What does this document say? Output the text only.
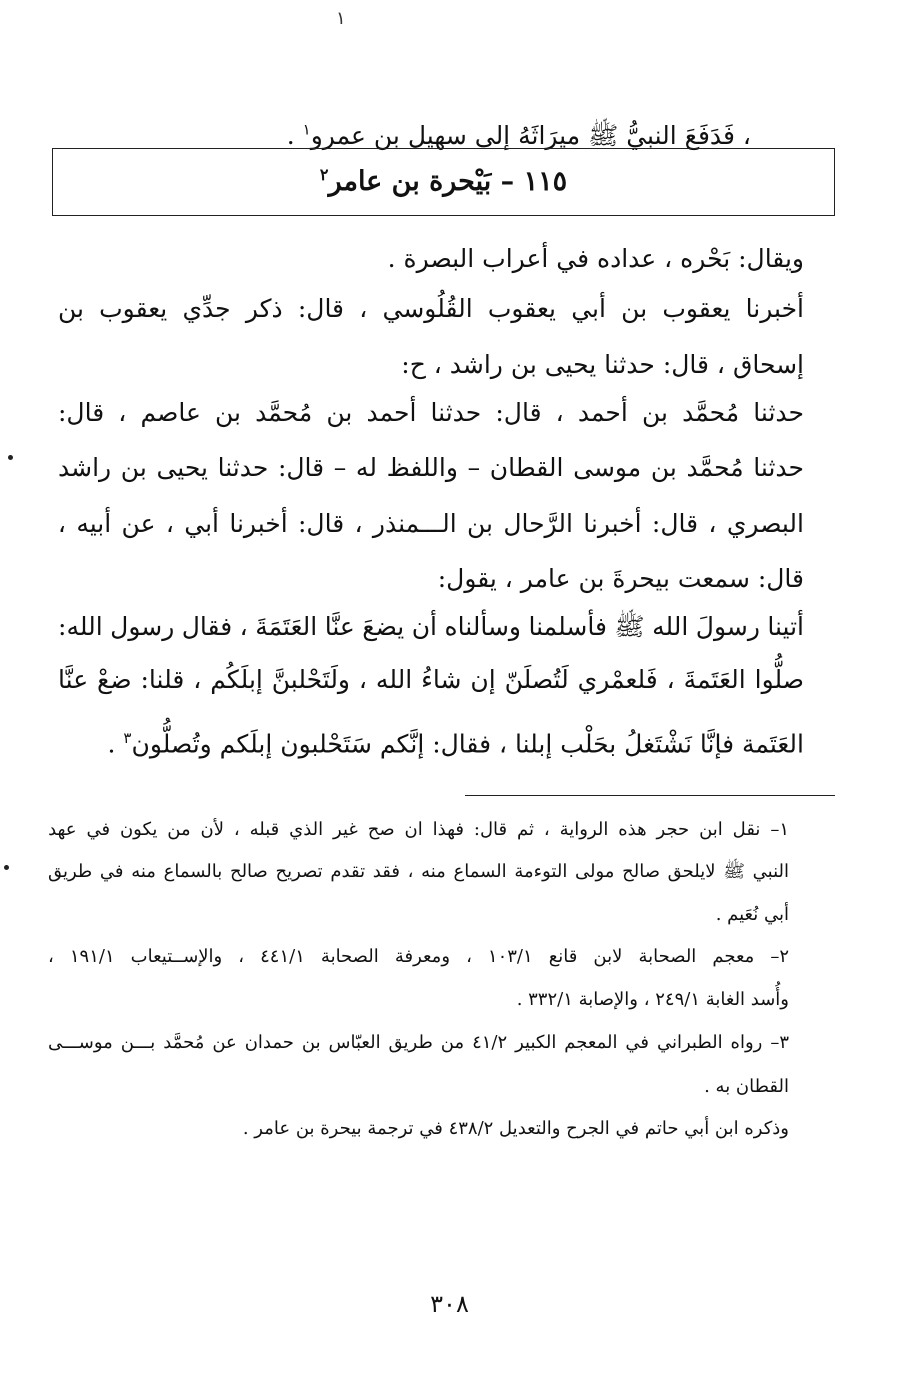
١
، فَدَفَعَ النبيُّ ﷺ ميرَاثَهُ إلى سهيل بن عمرو$^١$ .
١١٥ – بَيْحرة بن عامر$^٢$
ويقال: بَحْره ، عداده في أعراب البصرة .
أخبرنا يعقوب بن أبي يعقوب القُلُوسي ، قال: ذكر جدِّي يعقوب بن
إسحاق ، قال: حدثنا يحيى بن راشد ، ح:
حدثنا مُحمَّد بن أحمد ، قال: حدثنا أحمد بن مُحمَّد بن عاصم ، قال:
حدثنا مُحمَّد بن موسى القطان – واللفظ له – قال: حدثنا يحيى بن راشد
البصري ، قال: أخبرنا الرَّحال بن الـــمنذر ، قال: أخبرنا أبي ، عن أبيه ،
قال: سمعت بيحرةَ بن عامر ، يقول:
أتينا رسولَ الله ﷺ فأسلمنا وسألناه أن يضعَ عنَّا العَتَمَةَ ، فقال رسول الله:
صلُّوا العَتَمةَ ، فَلعمْري لَتُصلَنّ إن شاءُ الله ، ولَتَحْلبنَّ إبلَكُم ، قلنا: ضعْ عنَّا
العَتَمة فإنَّا نَشْتَغلُ بحَلْب إبلنا ، فقال: إنَّكم سَتَحْلبون إبلَكم وتُصلُّون$^٣$ .
١– نقل ابن حجر هذه الرواية ، ثم قال: فهذا ان صح غير الذي قبله ، لأن من يكون في عهد
النبي ﷺ لايلحق صالح مولى التوءمة السماع منه ، فقد تقدم تصريح صالح بالسماع منه في طريق
أبي نُعَيم .
٢– معجم الصحابة لابن قانع ١٠٣/١ ، ومعرفة الصحابة ٤٤١/١ ، والإســتيعاب ١٩١/١ ،
وأُسد الغابة ٢٤٩/١ ، والإصابة ٣٣٢/١ .
٣– رواه الطبراني في المعجم الكبير ٤١/٢ من طريق العبّاس بن حمدان عن مُحمَّد بـــن موســـى
القطان به .
وذكره ابن أبي حاتم في الجرح والتعديل ٤٣٨/٢ في ترجمة بيحرة بن عامر .
٣٠٨
